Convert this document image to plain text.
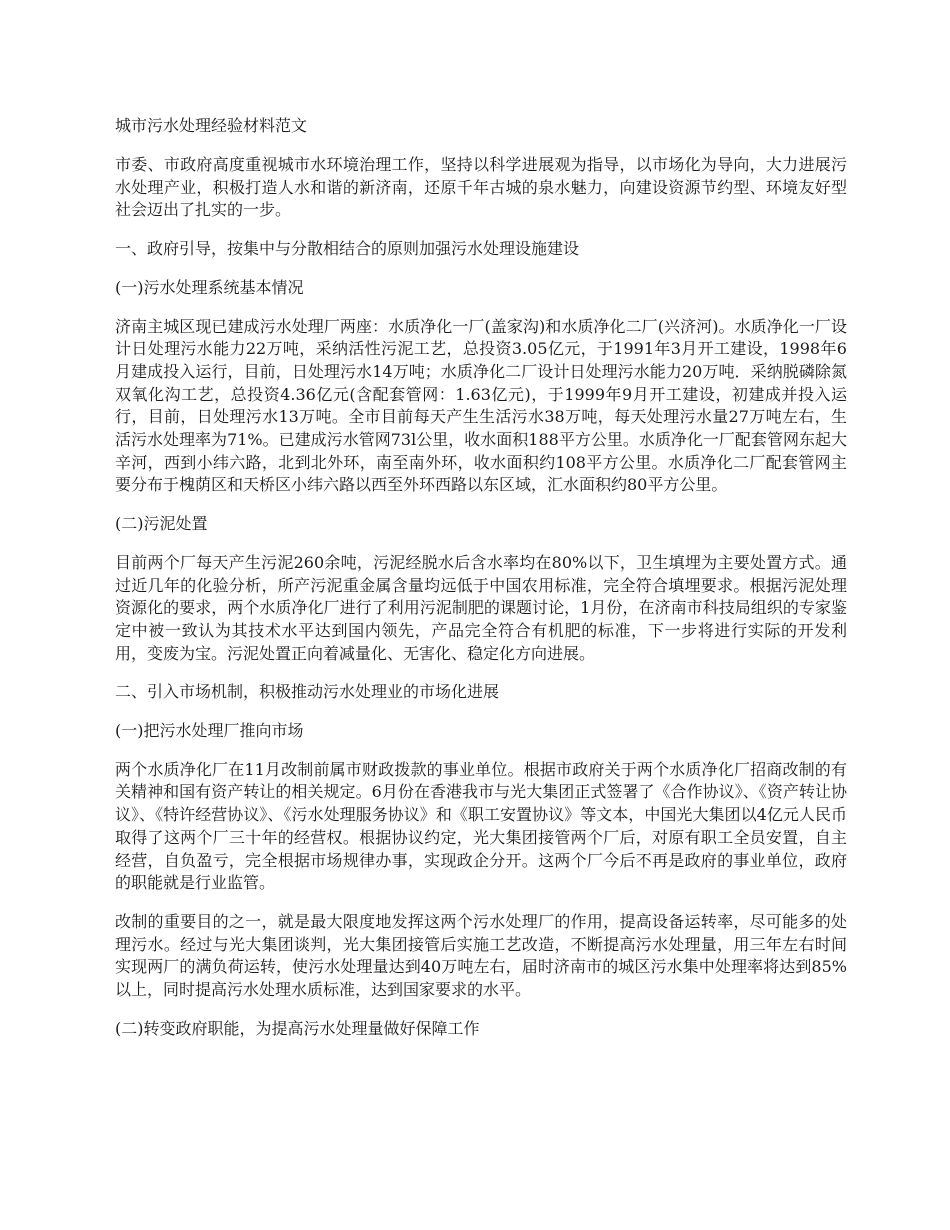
城市污水处理经验材料范文

市委、市政府高度重视城市水环境治理工作，坚持以科学进展观为指导，以市场化为导向，大力进展污水处理产业，积极打造人水和谐的新济南，还原千年古城的泉水魅力，向建设资源节约型、环境友好型社会迈出了扎实的一步。

一、政府引导，按集中与分散相结合的原则加强污水处理设施建设

(一)污水处理系统基本情况

济南主城区现已建成污水处理厂两座：水质净化一厂(盖家沟)和水质净化二厂(兴济河)。水质净化一厂设计日处理污水能力22万吨，采纳活性污泥工艺，总投资3.05亿元，于1991年3月开工建设，1998年6月建成投入运行，目前，日处理污水14万吨；水质净化二厂设计日处理污水能力20万吨．采纳脱磷除氮双氧化沟工艺，总投资4.36亿元(含配套管网：1.63亿元)，于1999年9月开工建设，初建成并投入运行，目前，日处理污水13万吨。全市目前每天产生生活污水38万吨，每天处理污水量27万吨左右，生活污水处理率为71%。已建成污水管网73l公里，收水面积188平方公里。水质净化一厂配套管网东起大辛河，西到小纬六路，北到北外环，南至南外环，收水面积约108平方公里。水质净化二厂配套管网主要分布于槐荫区和天桥区小纬六路以西至外环西路以东区域，汇水面积约80平方公里。

(二)污泥处置

目前两个厂每天产生污泥260余吨，污泥经脱水后含水率均在80%以下，卫生填埋为主要处置方式。通过近几年的化验分析，所产污泥重金属含量均远低于中国农用标准，完全符合填埋要求。根据污泥处理资源化的要求，两个水质净化厂进行了利用污泥制肥的课题讨论，1月份，在济南市科技局组织的专家鉴定中被一致认为其技术水平达到国内领先，产品完全符合有机肥的标准，下一步将进行实际的开发利用，变废为宝。污泥处置正向着减量化、无害化、稳定化方向进展。

二、引入市场机制，积极推动污水处理业的市场化进展

(一)把污水处理厂推向市场

两个水质净化厂在11月改制前属市财政拨款的事业单位。根据市政府关于两个水质净化厂招商改制的有关精神和国有资产转让的相关规定。6月份在香港我市与光大集团正式签署了《合作协议》、《资产转让协议》、《特许经营协议》、《污水处理服务协议》和《职工安置协议》等文本，中国光大集团以4亿元人民币取得了这两个厂三十年的经营权。根据协议约定，光大集团接管两个厂后，对原有职工全员安置，自主经营，自负盈亏，完全根据市场规律办事，实现政企分开。这两个厂今后不再是政府的事业单位，政府的职能就是行业监管。

改制的重要目的之一，就是最大限度地发挥这两个污水处理厂的作用，提高设备运转率，尽可能多的处理污水。经过与光大集团谈判，光大集团接管后实施工艺改造，不断提高污水处理量，用三年左右时间实现两厂的满负荷运转，使污水处理量达到40万吨左右，届时济南市的城区污水集中处理率将达到85%以上，同时提高污水处理水质标准，达到国家要求的水平。

(二)转变政府职能，为提高污水处理量做好保障工作
